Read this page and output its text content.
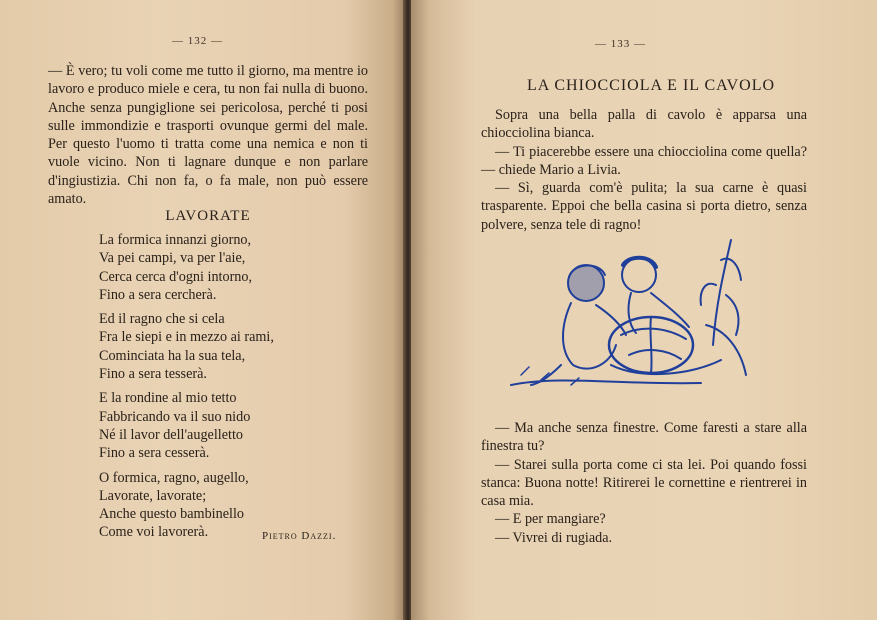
— 132 —

— È vero; tu voli come me tutto il giorno, ma mentre io lavoro e produco miele e cera, tu non fai nulla di buono. Anche senza pungiglione sei pericolosa, perché ti posi sulle immondizie e trasporti ovunque germi del male. Per questo l'uomo ti tratta come una nemica e non ti vuole vicino. Non ti lagnare dunque e non parlare d'ingiustizia. Chi non fa, o fa male, non può essere amato.

LAVORATE
La formica innanzi giorno,
Va pei campi, va per l'aie,
Cerca cerca d'ogni intorno,
Fino a sera cercherà.
Ed il ragno che si cela
Fra le siepi e in mezzo ai rami,
Cominciata ha la sua tela,
Fino a sera tesserà.
E la rondine al mio tetto
Fabbricando va il suo nido
Né il lavor dell'augelletto
Fino a sera cesserà.
O formica, ragno, augello,
Lavorate, lavorate;
Anche questo bambinello
Come voi lavorerà.	Pietro Dazzi.
— 133 —
LA CHIOCCIOLA E IL CAVOLO

Sopra una bella palla di cavolo è apparsa una chiocciolina bianca.

— Ti piacerebbe essere una chiocciolina come quella? — chiede Mario a Livia.

— Sì, guarda com'è pulita; la sua carne è quasi trasparente. Eppoi che bella casina si porta dietro, senza polvere, senza tele di ragno!

— Ma anche senza finestre. Come faresti a stare alla finestra tu?

— Starei sulla porta come ci sta lei. Poi quando fossi stanca: Buona notte! Ritirerei le cornettine e rientrerei in casa mia.

— E per mangiare?

— Vivrei di rugiada.
